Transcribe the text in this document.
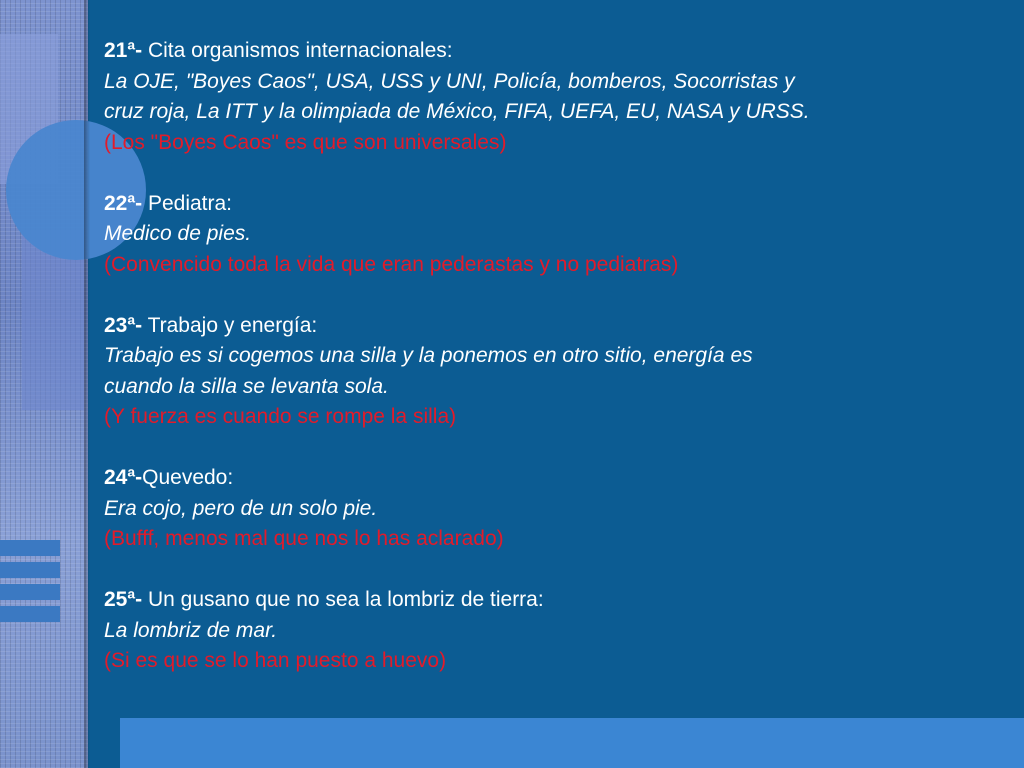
21ª- Cita organismos internacionales:
La OJE, "Boyes Caos", USA, USS y UNI, Policía, bomberos, Socorristas y
cruz roja, La ITT y la olimpiada de México, FIFA, UEFA, EU, NASA y URSS.
(Los "Boyes Caos" es que son universales)
22ª- Pediatra:
Medico de pies.
(Convencido toda la vida que eran pederastas y no pediatras)
23ª- Trabajo y energía:
Trabajo es si cogemos una silla y la ponemos en otro sitio, energía es
cuando la silla se levanta sola.
(Y fuerza es cuando se rompe la silla)
24ª-Quevedo:
Era cojo, pero de un solo pie.
(Bufff, menos mal que nos lo has aclarado)
25ª- Un gusano que no sea la lombriz de tierra:
La lombriz de mar.
(Si es que se lo han puesto a huevo)
